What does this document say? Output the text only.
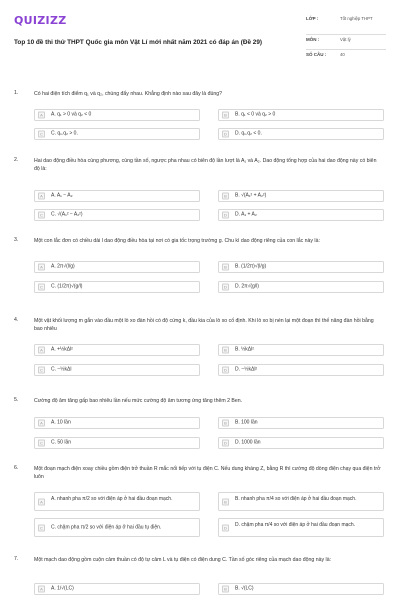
QUIZIZZ
Top 10 đề thi thử THPT Quốc gia môn Vật Lí mới nhất năm 2021 có đáp án (Đề 29)
LỚP :	Tốt nghiệp THPT
MÔN :	Vật lý
SỐ CÂU :	40
1.	Có hai điện tích điểm q₁ và q₂, chúng đẩy nhau. Khẳng định nào sau đây là đúng?
A	A. q₁ > 0 và q₂ < 0	B	B. q₁ < 0 và q₂ > 0
C	C. q₁.q₂ > 0.	D	D. q₁.q₂ < 0.
2.	Hai dao động điều hòa cùng phương, cùng tần số, ngược pha nhau có biên độ lần lượt là A₁ và A₂. Dao động tổng hợp của hai dao động này có biên độ là:
A	A. A₁ − A₂	B	B. √(A₁² + A₂²)
C	C. √(A₁² − A₂²)	D	D. A₁ + A₂
3.	Một con lắc đơn có chiều dài l dao động điều hòa tại nơi có gia tốc trọng trường g. Chu kì dao động riêng của con lắc này là:
A	A. 2π√(l/g)	B	B. (1/2π)√(l/g)
C	C. (1/2π)√(g/l)	D	D. 2π√(g/l)
4.	Một vật khối lượng m gắn vào đầu một lò xo đàn hồi có độ cứng k, đầu kia của lò xo cố định. Khi lò xo bị nén lại một đoạn thì thế năng đàn hồi bằng bao nhiêu
A	A. +½kΔl²	B	B. ½kΔl²
C	C. −½kΔl	D	D. −½kΔl²
5.	Cường độ âm tăng gấp bao nhiêu lần nếu mức cường độ âm tương ứng tăng thêm 2 Ben.
A	A. 10 lần	B	B. 100 lần
C	C. 50 lần	D	D. 1000 lần
6.	Một đoạn mạch điện xoay chiều gồm điện trở thuần R mắc nối tiếp với tụ điện C. Nếu dung kháng Z꜀ bằng R thì cường độ dòng điện chạy qua điện trở luôn
A	A. nhanh pha π/2 so với điện áp ở hai đầu đoạn mạch.	B	B. nhanh pha π/4 so với điện áp ở hai đầu đoạn mạch.
C	C. chậm pha π/2 so với điện áp ở hai đầu tụ điện.	D	D. chậm pha π/4 so với điện áp ở hai đầu đoạn mạch.
7.	Một mạch dao động gồm cuộn cảm thuần có độ tự cảm L và tụ điện có điện dung C. Tần số góc riêng của mạch dao động này là:
A	A. 1/√(LC)	B	B. √(LC)
